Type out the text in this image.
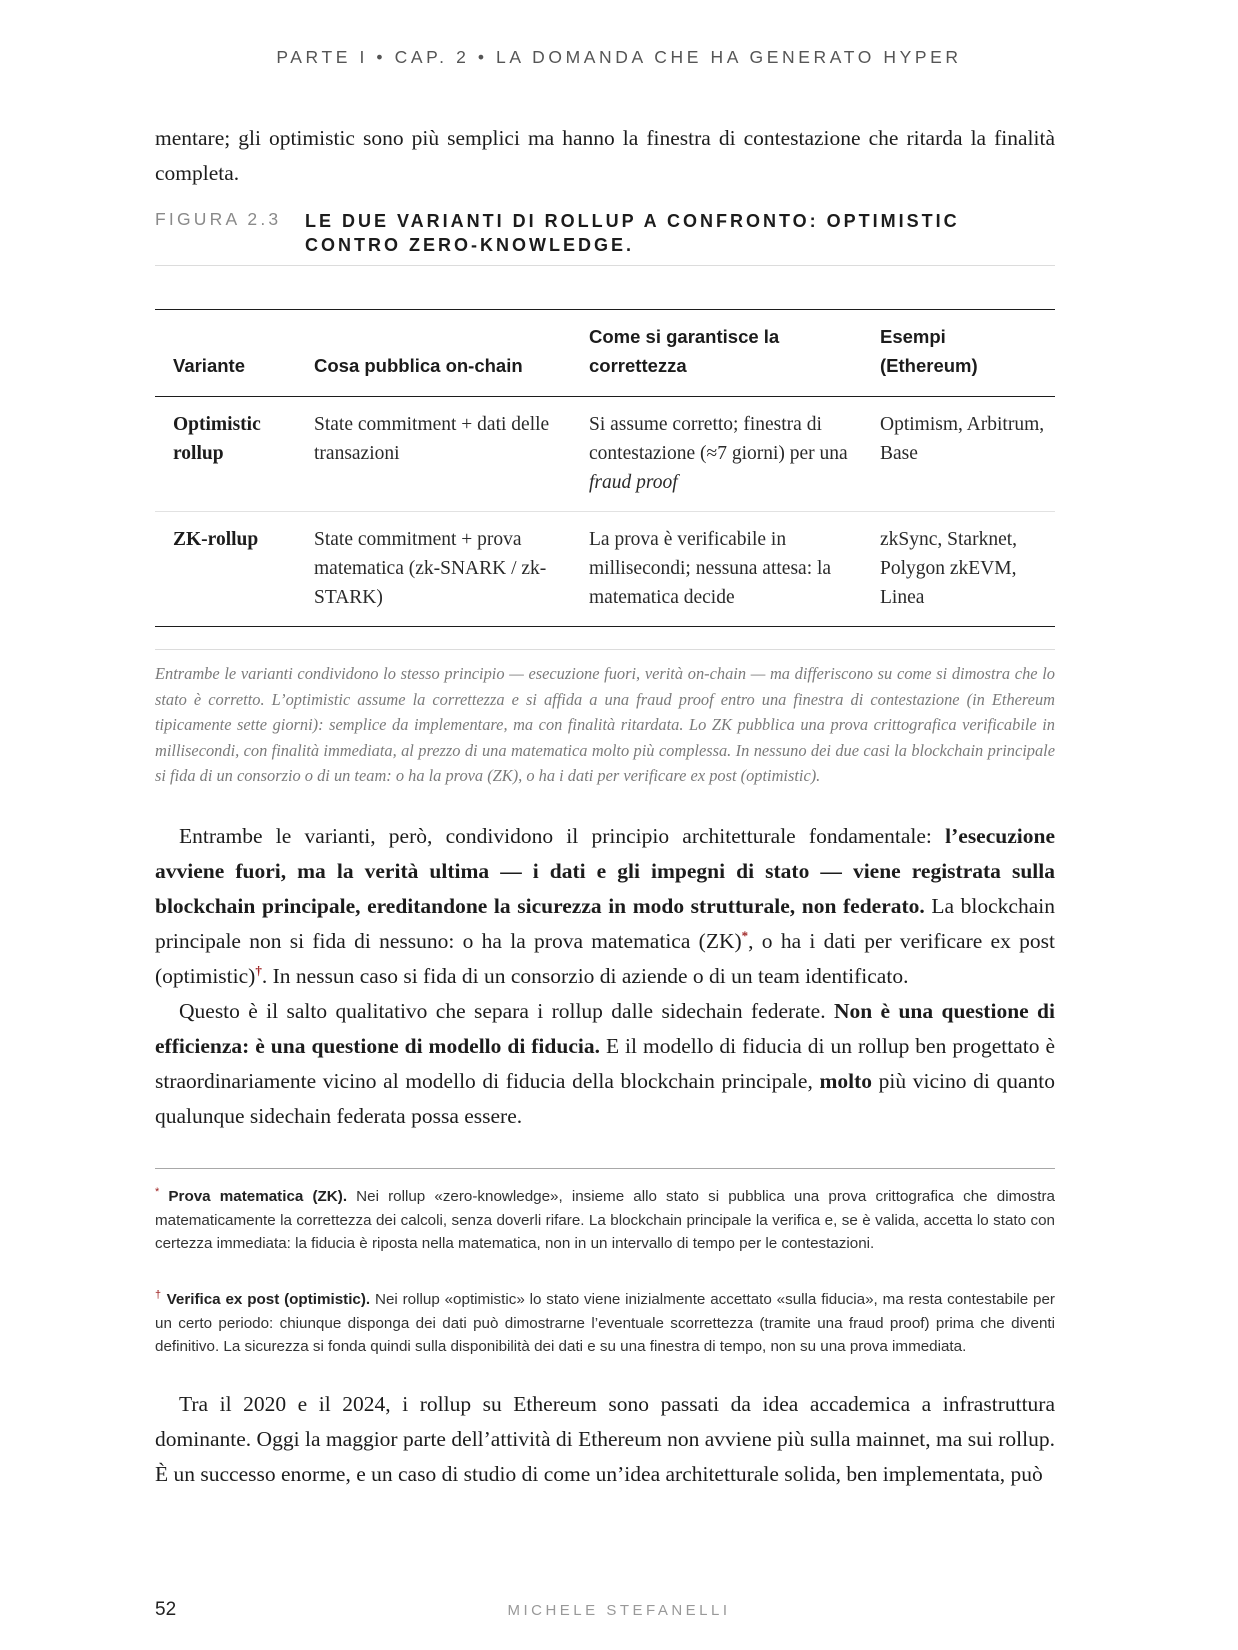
PARTE I • CAP. 2 • LA DOMANDA CHE HA GENERATO HYPER

mentare; gli optimistic sono più semplici ma hanno la finestra di contestazione che ritarda la finalità completa.

FIGURA 2.3 LE DUE VARIANTI DI ROLLUP A CONFRONTO: OPTIMISTIC CONTRO ZERO-KNOWLEDGE.
Variante	Cosa pubblica on-chain	Come si garantisce la correttezza	Esempi (Ethereum)
Optimistic rollup	State commitment + dati delle transazioni	Si assume corretto; finestra di contestazione (≈7 giorni) per una fraud proof	Optimism, Arbitrum, Base
ZK-rollup	State commitment + prova matematica (zk-SNARK / zk-STARK)	La prova è verificabile in millisecondi; nessuna attesa: la matematica decide	zkSync, Starknet, Polygon zkEVM, Linea
Entrambe le varianti condividono lo stesso principio — esecuzione fuori, verità on-chain — ma differiscono su come si dimostra che lo stato è corretto. L’optimistic assume la correttezza e si affida a una fraud proof entro una finestra di contestazione (in Ethereum tipicamente sette giorni): semplice da implementare, ma con finalità ritardata. Lo ZK pubblica una prova crittografica verificabile in millisecondi, con finalità immediata, al prezzo di una matematica molto più complessa. In nessuno dei due casi la blockchain principale si fida di un consorzio o di un team: o ha la prova (ZK), o ha i dati per verificare ex post (optimistic).

Entrambe le varianti, però, condividono il principio architetturale fondamentale: l’esecuzione avviene fuori, ma la verità ultima — i dati e gli impegni di stato — viene registrata sulla blockchain principale, ereditandone la sicurezza in modo strutturale, non federato. La blockchain principale non si fida di nessuno: o ha la prova matematica (ZK)*, o ha i dati per verificare ex post (optimistic)†. In nessun caso si fida di un consorzio di aziende o di un team identificato.

Questo è il salto qualitativo che separa i rollup dalle sidechain federate. Non è una questione di efficienza: è una questione di modello di fiducia. E il modello di fiducia di un rollup ben progettato è straordinariamente vicino al modello di fiducia della blockchain principale, molto più vicino di quanto qualunque sidechain federata possa essere.

* Prova matematica (ZK). Nei rollup «zero-knowledge», insieme allo stato si pubblica una prova crittografica che dimostra matematicamente la correttezza dei calcoli, senza doverli rifare. La blockchain principale la verifica e, se è valida, accetta lo stato con certezza immediata: la fiducia è riposta nella matematica, non in un intervallo di tempo per le contestazioni.
† Verifica ex post (optimistic). Nei rollup «optimistic» lo stato viene inizialmente accettato «sulla fiducia», ma resta contestabile per un certo periodo: chiunque disponga dei dati può dimostrarne l’eventuale scorrettezza (tramite una fraud proof) prima che diventi definitivo. La sicurezza si fonda quindi sulla disponibilità dei dati e su una finestra di tempo, non su una prova immediata.

Tra il 2020 e il 2024, i rollup su Ethereum sono passati da idea accademica a infrastruttura dominante. Oggi la maggior parte dell’attività di Ethereum non avviene più sulla mainnet, ma sui rollup. È un successo enorme, e un caso di studio di come un’idea architetturale solida, ben implementata, può

52	MICHELE STEFANELLI
